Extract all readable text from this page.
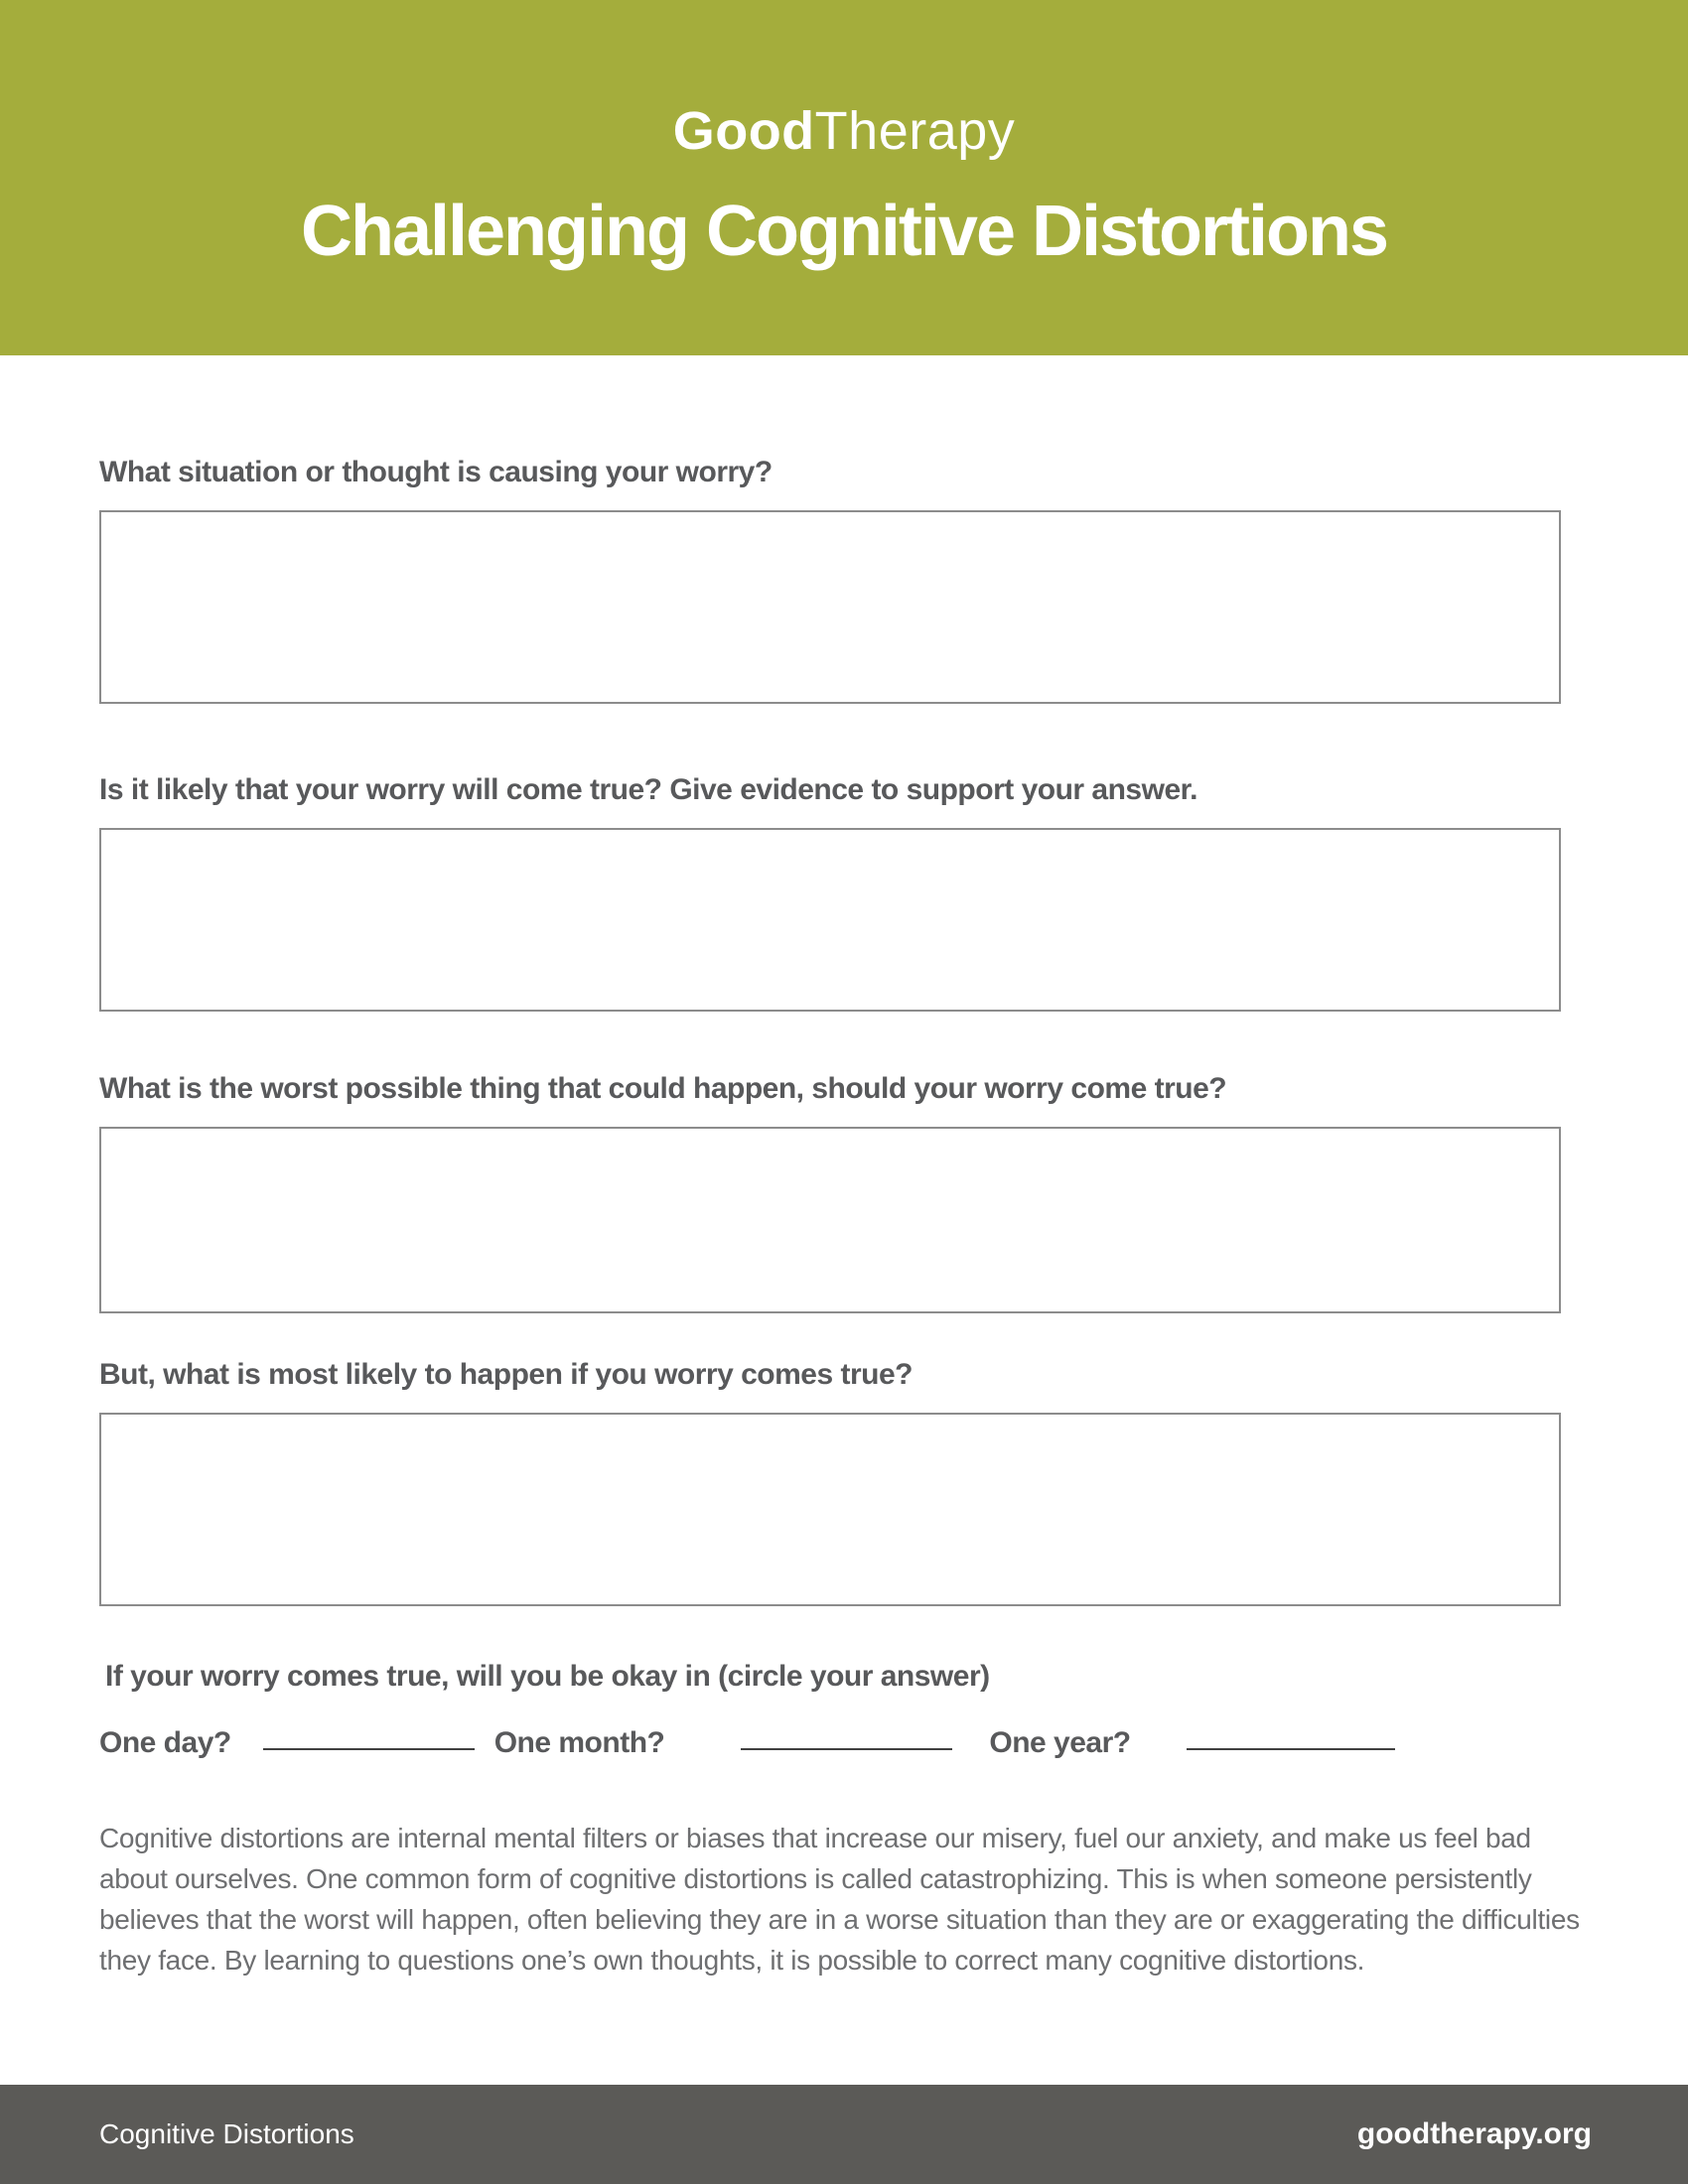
GoodTherapy
Challenging Cognitive Distortions
What situation or thought is causing your worry?
Is it likely that your worry will come true? Give evidence to support your answer.
What is the worst possible thing that could happen, should your worry come true?
But, what is most likely to happen if you worry comes true?
If your worry comes true, will you be okay in (circle your answer)
One day?	One month?	One year?

Cognitive distortions are internal mental filters or biases that increase our misery, fuel our anxiety, and make us feel bad about ourselves. One common form of cognitive distortions is called catastrophizing. This is when someone persistently believes that the worst will happen, often believing they are in a worse situation than they are or exaggerating the difficulties they face. By learning to questions one’s own thoughts, it is possible to correct many cognitive distortions.

Cognitive Distortions	goodtherapy.org
